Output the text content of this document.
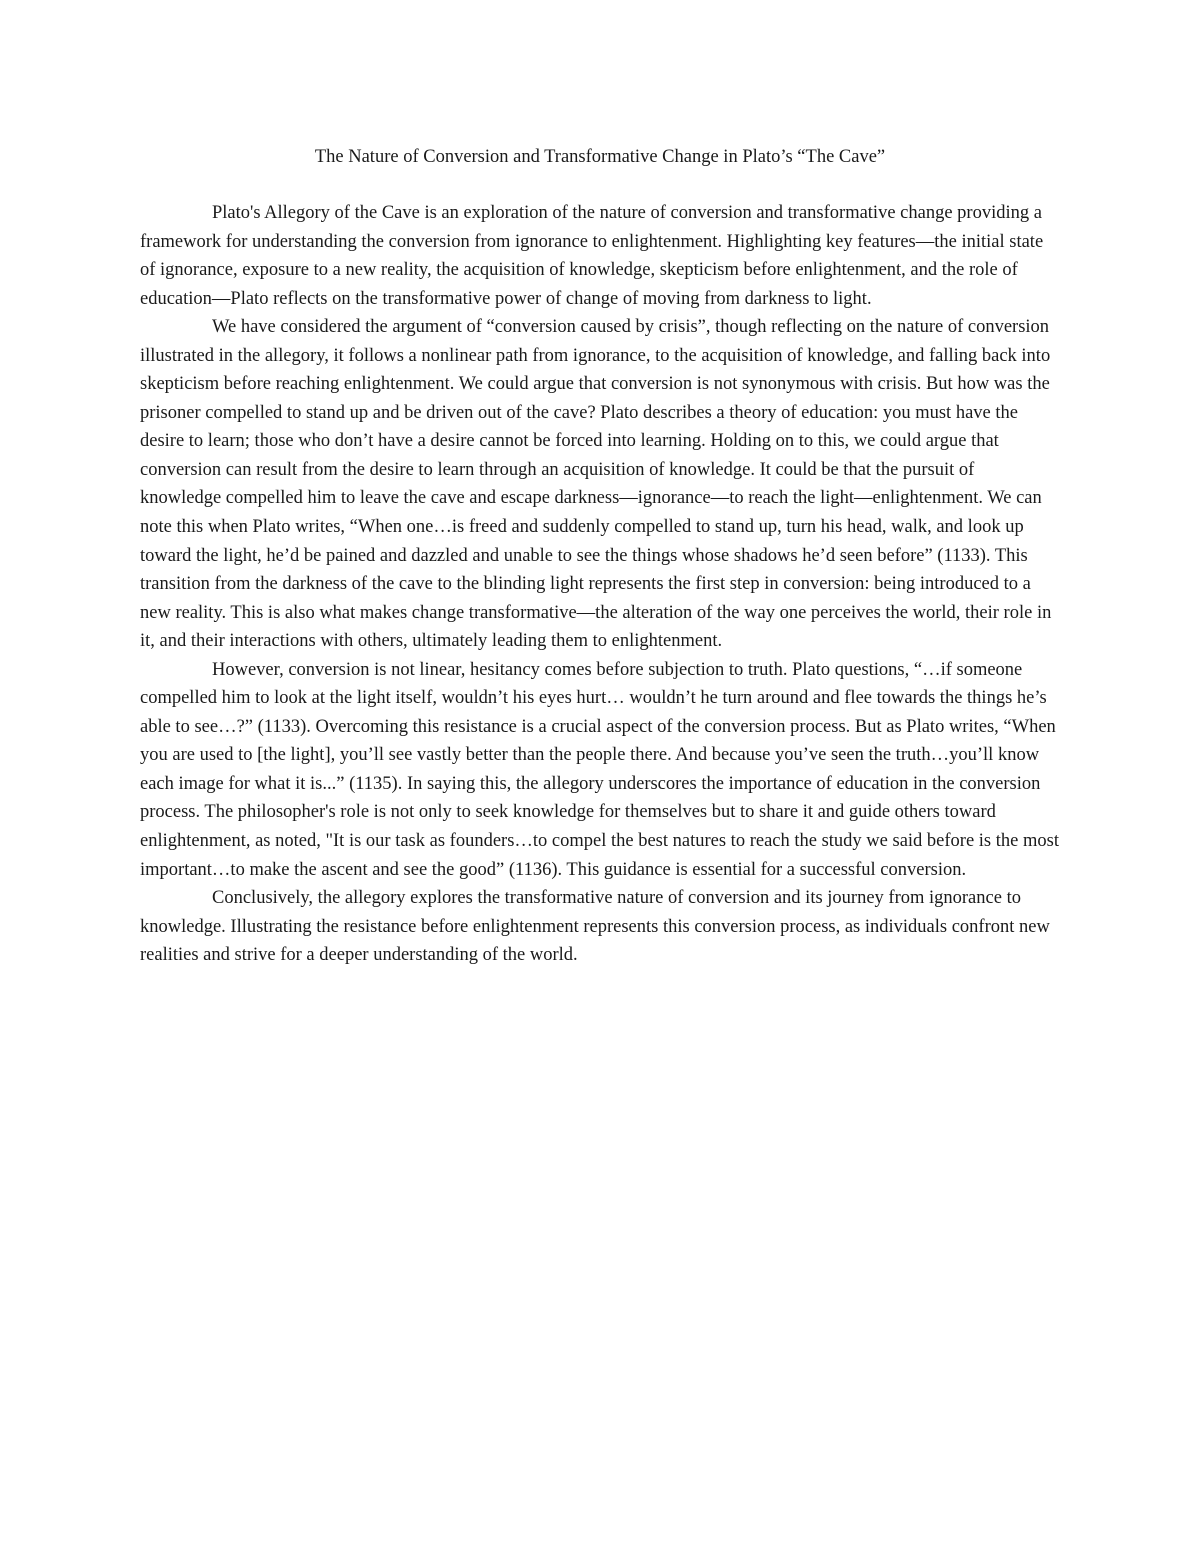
The Nature of Conversion and Transformative Change in Plato’s “The Cave”

Plato's Allegory of the Cave is an exploration of the nature of conversion and transformative change providing a framework for understanding the conversion from ignorance to enlightenment. Highlighting key features—the initial state of ignorance, exposure to a new reality, the acquisition of knowledge, skepticism before enlightenment, and the role of education—Plato reflects on the transformative power of change of moving from darkness to light.

We have considered the argument of “conversion caused by crisis”, though reflecting on the nature of conversion illustrated in the allegory, it follows a nonlinear path from ignorance, to the acquisition of knowledge, and falling back into skepticism before reaching enlightenment. We could argue that conversion is not synonymous with crisis. But how was the prisoner compelled to stand up and be driven out of the cave? Plato describes a theory of education: you must have the desire to learn; those who don’t have a desire cannot be forced into learning. Holding on to this, we could argue that conversion can result from the desire to learn through an acquisition of knowledge. It could be that the pursuit of knowledge compelled him to leave the cave and escape darkness—ignorance—to reach the light—enlightenment. We can note this when Plato writes, “When one…is freed and suddenly compelled to stand up, turn his head, walk, and look up toward the light, he’d be pained and dazzled and unable to see the things whose shadows he’d seen before” (1133). This transition from the darkness of the cave to the blinding light represents the first step in conversion: being introduced to a new reality. This is also what makes change transformative—the alteration of the way one perceives the world, their role in it, and their interactions with others, ultimately leading them to enlightenment.

However, conversion is not linear, hesitancy comes before subjection to truth. Plato questions, “…if someone compelled him to look at the light itself, wouldn’t his eyes hurt… wouldn’t he turn around and flee towards the things he’s able to see…?” (1133). Overcoming this resistance is a crucial aspect of the conversion process. But as Plato writes, “When you are used to [the light], you’ll see vastly better than the people there. And because you’ve seen the truth…you’ll know each image for what it is...” (1135). In saying this, the allegory underscores the importance of education in the conversion process. The philosopher's role is not only to seek knowledge for themselves but to share it and guide others toward enlightenment, as noted, "It is our task as founders…to compel the best natures to reach the study we said before is the most important…to make the ascent and see the good” (1136). This guidance is essential for a successful conversion.

Conclusively, the allegory explores the transformative nature of conversion and its journey from ignorance to knowledge. Illustrating the resistance before enlightenment represents this conversion process, as individuals confront new realities and strive for a deeper understanding of the world.
